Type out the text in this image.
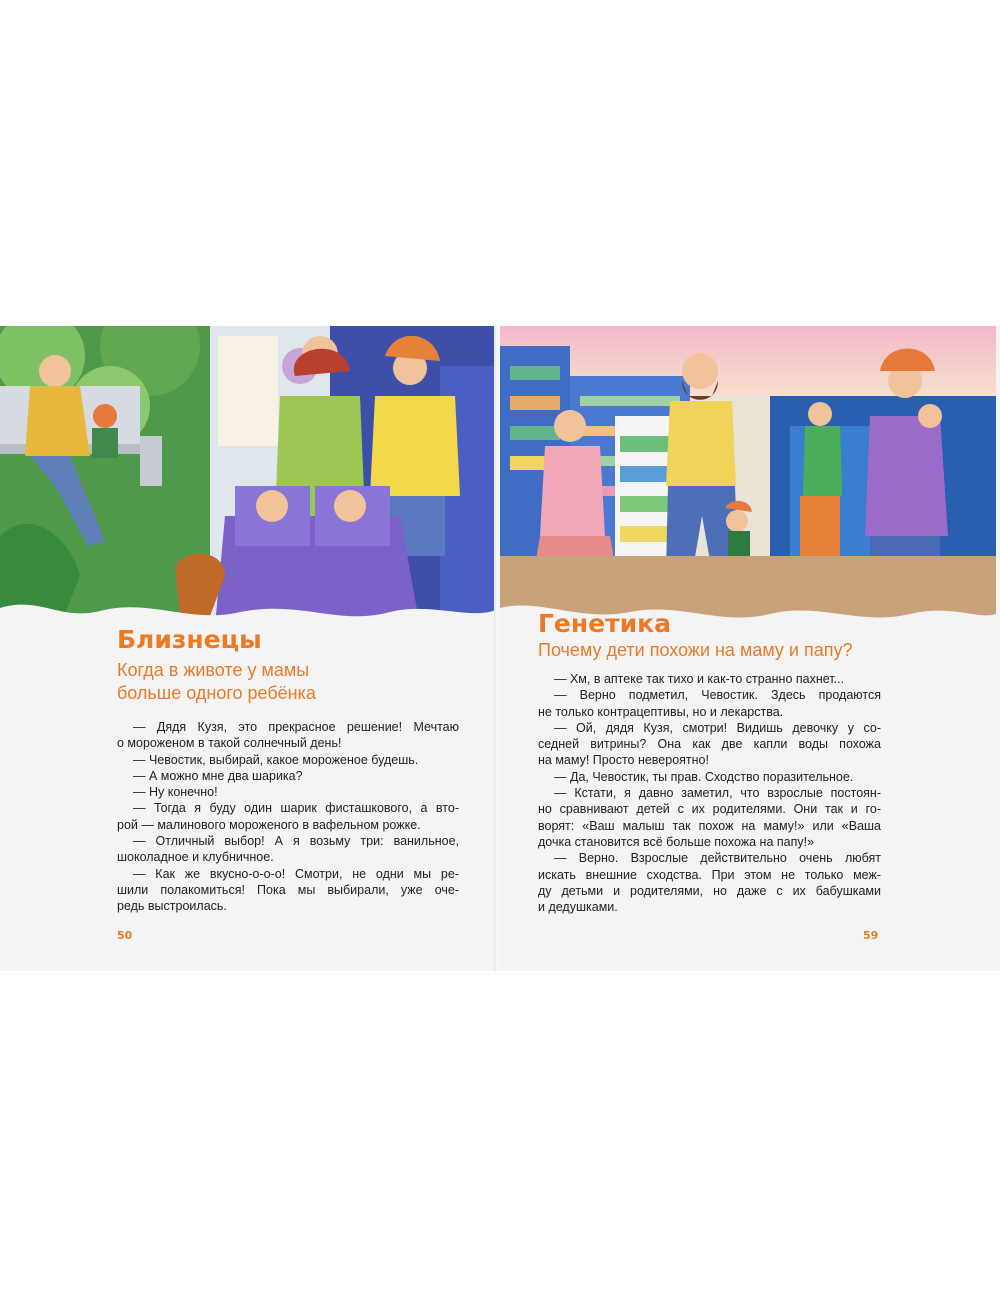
Близнецы
Когда в животе у мамы
больше одного ребёнка
— Дядя Кузя, это прекрасное решение! Мечтаю
о мороженом в такой солнечный день!
— Чевостик, выбирай, какое мороженое будешь.
— А можно мне два шарика?
— Ну конечно!
— Тогда я буду один шарик фисташкового, а вто-
рой — малинового мороженого в вафельном рожке.
— Отличный выбор! А я возьму три: ванильное,
шоколадное и клубничное.
— Как же вкусно-о-о-о! Смотри, не одни мы ре-
шили полакомиться! Пока мы выбирали, уже оче-
редь выстроилась.
50
Генетика
Почему дети похожи на маму и папу?
— Хм, в аптеке так тихо и как-то странно пахнет...
— Верно подметил, Чевостик. Здесь продаются
не только контрацептивы, но и лекарства.
— Ой, дядя Кузя, смотри! Видишь девочку у со-
седней витрины? Она как две капли воды похожа
на маму! Просто невероятно!
— Да, Чевостик, ты прав. Сходство поразительное.
— Кстати, я давно заметил, что взрослые постоян-
но сравнивают детей с их родителями. Они так и го-
ворят: «Ваш малыш так похож на маму!» или «Ваша
дочка становится всё больше похожа на папу!»
— Верно. Взрослые действительно очень любят
искать внешние сходства. При этом не только меж-
ду детьми и родителями, но даже с их бабушками
и дедушками.
59
